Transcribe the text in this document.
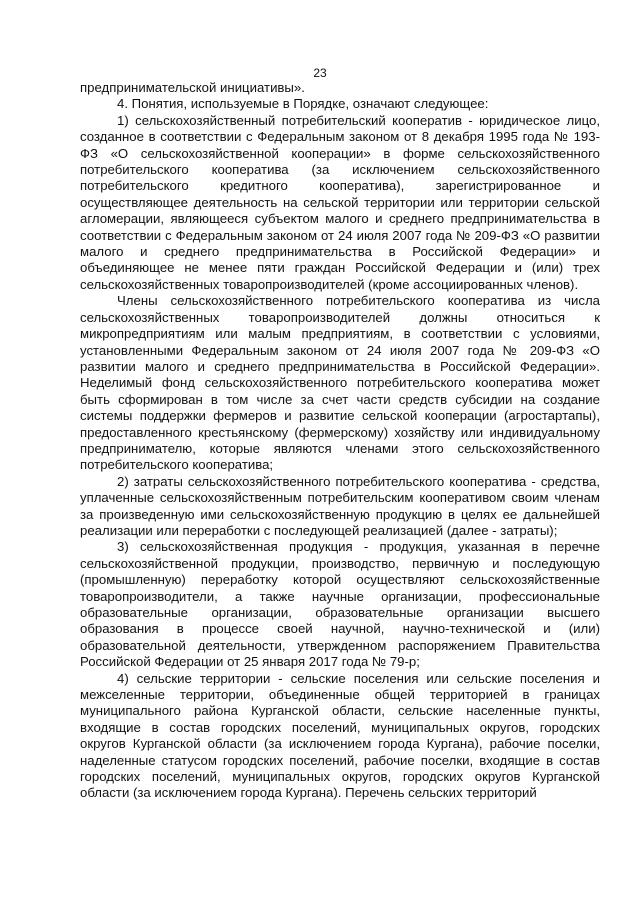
23

предпринимательской инициативы».

4. Понятия, используемые в Порядке, означают следующее:

1) сельскохозяйственный потребительский кооператив - юридическое лицо, созданное в соответствии с Федеральным законом от 8 декабря 1995 года № 193-ФЗ «О сельскохозяйственной кооперации» в форме сельскохозяйственного потребительского кооператива (за исключением сельскохозяйственного потребительского кредитного кооператива), зарегистрированное и осуществляющее деятельность на сельской территории или территории сельской агломерации, являющееся субъектом малого и среднего предпринимательства в соответствии с Федеральным законом от 24 июля 2007 года № 209-ФЗ «О развитии малого и среднего предпринимательства в Российской Федерации» и объединяющее не менее пяти граждан Российской Федерации и (или) трех сельскохозяйственных товаропроизводителей (кроме ассоциированных членов).

Члены сельскохозяйственного потребительского кооператива из числа сельскохозяйственных товаропроизводителей должны относиться к микропредприятиям или малым предприятиям, в соответствии с условиями, установленными Федеральным законом от 24 июля 2007 года № 209-ФЗ «О развитии малого и среднего предпринимательства в Российской Федерации». Неделимый фонд сельскохозяйственного потребительского кооператива может быть сформирован в том числе за счет части средств субсидии на создание системы поддержки фермеров и развитие сельской кооперации (агростартапы), предоставленного крестьянскому (фермерскому) хозяйству или индивидуальному предпринимателю, которые являются членами этого сельскохозяйственного потребительского кооператива;

2) затраты сельскохозяйственного потребительского кооператива - средства, уплаченные сельскохозяйственным потребительским кооперативом своим членам за произведенную ими сельскохозяйственную продукцию в целях ее дальнейшей реализации или переработки с последующей реализацией (далее - затраты);

3) сельскохозяйственная продукция - продукция, указанная в перечне сельскохозяйственной продукции, производство, первичную и последующую (промышленную) переработку которой осуществляют сельскохозяйственные товаропроизводители, а также научные организации, профессиональные образовательные организации, образовательные организации высшего образования в процессе своей научной, научно-технической и (или) образовательной деятельности, утвержденном распоряжением Правительства Российской Федерации от 25 января 2017 года № 79-р;

4) сельские территории - сельские поселения или сельские поселения и межселенные территории, объединенные общей территорией в границах муниципального района Курганской области, сельские населенные пункты, входящие в состав городских поселений, муниципальных округов, городских округов Курганской области (за исключением города Кургана), рабочие поселки, наделенные статусом городских поселений, рабочие поселки, входящие в состав городских поселений, муниципальных округов, городских округов Курганской области (за исключением города Кургана). Перечень сельских территорий
